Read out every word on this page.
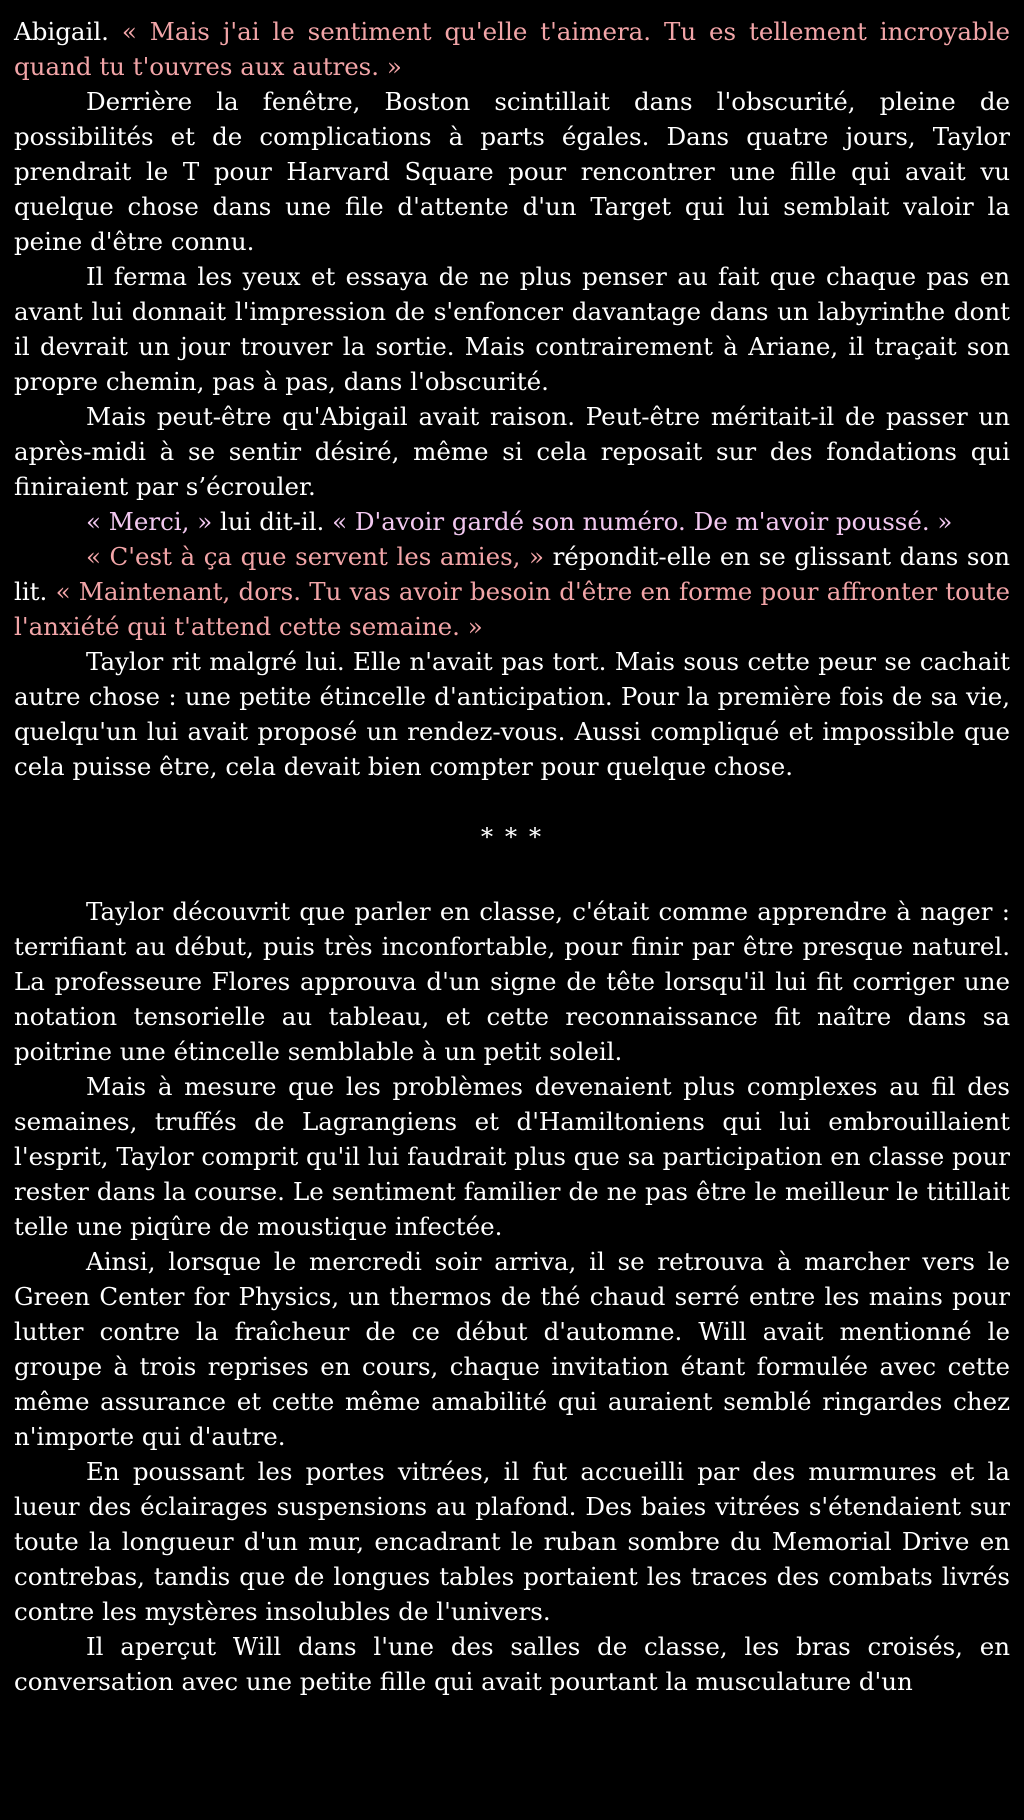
Abigail. « Mais j'ai le sentiment qu'elle t'aimera. Tu es tellement incroyable quand tu t'ouvres aux autres. »

Derrière la fenêtre, Boston scintillait dans l'obscurité, pleine de possibilités et de complications à parts égales. Dans quatre jours, Taylor prendrait le T pour Harvard Square pour rencontrer une fille qui avait vu quelque chose dans une file d'attente d'un Target qui lui semblait valoir la peine d'être connu.

Il ferma les yeux et essaya de ne plus penser au fait que chaque pas en avant lui donnait l'impression de s'enfoncer davantage dans un labyrinthe dont il devrait un jour trouver la sortie. Mais contrairement à Ariane, il traçait son propre chemin, pas à pas, dans l'obscurité.

Mais peut-être qu'Abigail avait raison. Peut-être méritait-il de passer un après-midi à se sentir désiré, même si cela reposait sur des fondations qui finiraient par s’écrouler.

« Merci, » lui dit-il. « D'avoir gardé son numéro. De m'avoir poussé. »

« C'est à ça que servent les amies, » répondit-elle en se glissant dans son lit. « Maintenant, dors. Tu vas avoir besoin d'être en forme pour affronter toute l'anxiété qui t'attend cette semaine. »

Taylor rit malgré lui. Elle n'avait pas tort. Mais sous cette peur se cachait autre chose : une petite étincelle d'anticipation. Pour la première fois de sa vie, quelqu'un lui avait proposé un rendez-vous. Aussi compliqué et impossible que cela puisse être, cela devait bien compter pour quelque chose.

* * *

Taylor découvrit que parler en classe, c'était comme apprendre à nager : terrifiant au début, puis très inconfortable, pour finir par être presque naturel. La professeure Flores approuva d'un signe de tête lorsqu'il lui fit corriger une notation tensorielle au tableau, et cette reconnaissance fit naître dans sa poitrine une étincelle semblable à un petit soleil.

Mais à mesure que les problèmes devenaient plus complexes au fil des semaines, truffés de Lagrangiens et d'Hamiltoniens qui lui embrouillaient l'esprit, Taylor comprit qu'il lui faudrait plus que sa participation en classe pour rester dans la course. Le sentiment familier de ne pas être le meilleur le titillait telle une piqûre de moustique infectée.

Ainsi, lorsque le mercredi soir arriva, il se retrouva à marcher vers le Green Center for Physics, un thermos de thé chaud serré entre les mains pour lutter contre la fraîcheur de ce début d'automne. Will avait mentionné le groupe à trois reprises en cours, chaque invitation étant formulée avec cette même assurance et cette même amabilité qui auraient semblé ringardes chez n'importe qui d'autre.

En poussant les portes vitrées, il fut accueilli par des murmures et la lueur des éclairages suspensions au plafond. Des baies vitrées s'étendaient sur toute la longueur d'un mur, encadrant le ruban sombre du Memorial Drive en contrebas, tandis que de longues tables portaient les traces des combats livrés contre les mystères insolubles de l'univers.

Il aperçut Will dans l'une des salles de classe, les bras croisés, en conversation avec une petite fille qui avait pourtant la musculature d'un
